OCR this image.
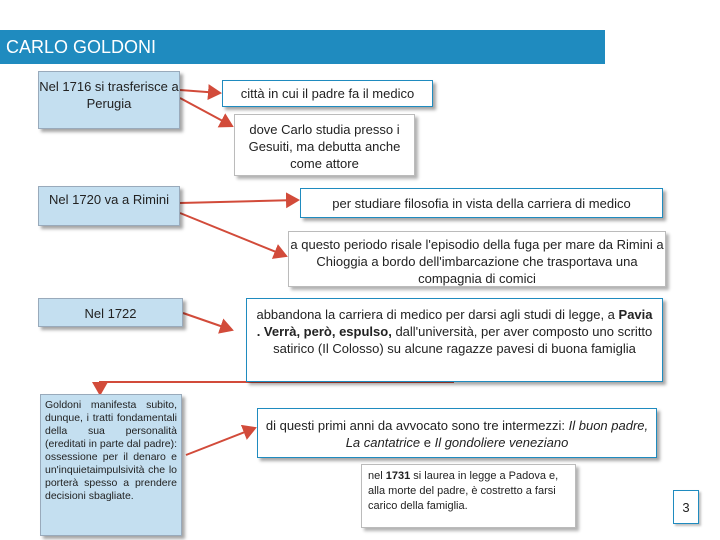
CARLO GOLDONI
Nel 1716 si trasferisce a Perugia
Nel 1720 va a Rimini
Nel 1722
Goldoni manifesta subito, dunque, i tratti fondamentali della sua personalità (ereditati in parte dal padre): ossessione per il denaro e un'inquietaimpulsività che lo porterà spesso a prendere decisioni sbagliate.
città in cui il padre fa il medico
dove Carlo studia presso i Gesuiti, ma debutta anche come attore
per studiare filosofia in vista della carriera di medico
a questo periodo risale l'episodio della fuga per mare da Rimini a Chioggia a bordo dell'imbarcazione che trasportava una compagnia di comici
abbandona la carriera di medico per darsi agli studi di legge, a Pavia . Verrà, però, espulso, dall'università, per aver composto uno scritto satirico (Il Colosso) su alcune ragazze pavesi di buona famiglia
di questi primi anni da avvocato sono tre intermezzi: Il buon padre, La cantatrice e Il gondoliere veneziano
nel 1731 si laurea in legge a Padova e, alla morte del padre, è costretto a farsi carico della famiglia.	3
